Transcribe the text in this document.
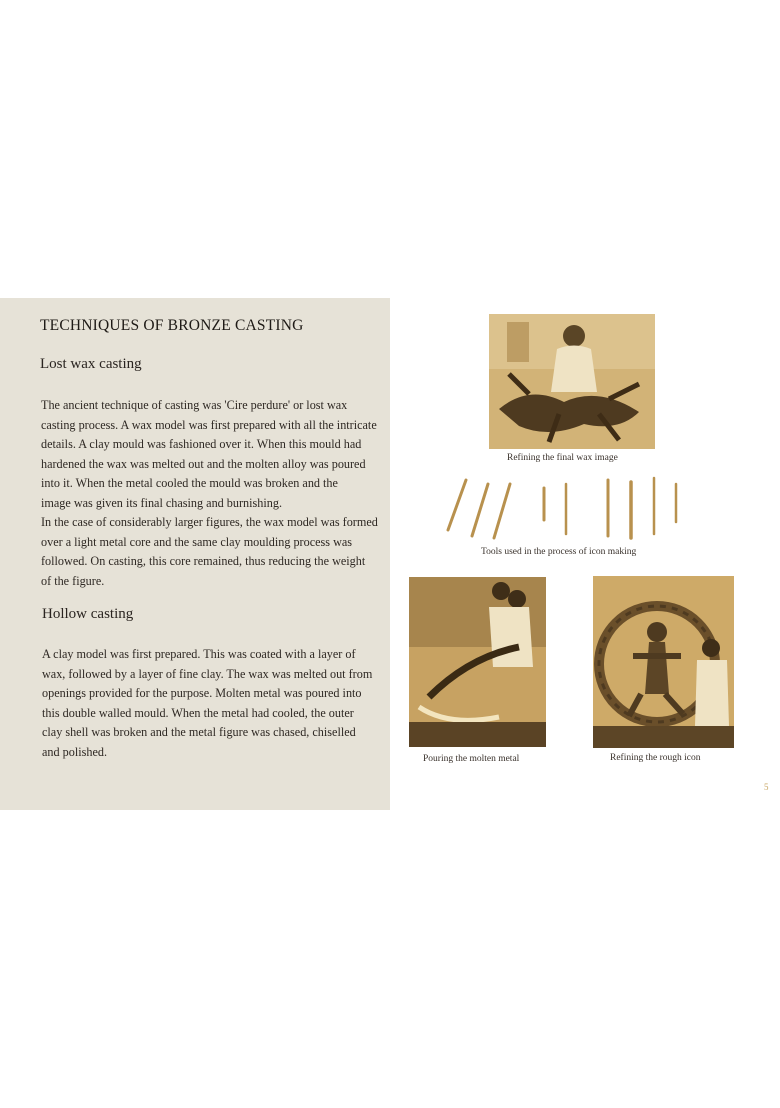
TECHNIQUES OF BRONZE CASTING
Lost wax casting
The ancient technique of casting was 'Cire perdure' or lost wax
casting process. A wax model was first prepared with all the intricate
details. A clay mould was fashioned over it. When this mould had
hardened the wax was melted out and the molten alloy was poured
into it. When the metal cooled the mould was broken and the
image was given its final chasing and burnishing.
In the case of considerably larger figures, the wax model was formed
over a light metal core and the same clay moulding process was
followed. On casting, this core remained, thus reducing the weight
of the figure.
Hollow casting
A clay model was first prepared. This was coated with a layer of
wax, followed by a layer of fine clay. The wax was melted out from
openings provided for the purpose. Molten metal was poured into
this double walled mould. When the metal had cooled, the outer
clay shell was broken and the metal figure was chased, chiselled
and polished.
Refining the final wax image
Tools used in the process of icon making
Pouring the molten metal	Refining the rough icon
5
